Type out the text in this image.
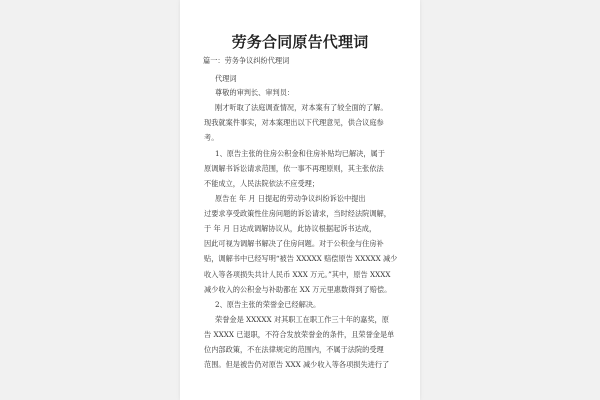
劳务合同原告代理词
篇一：劳务争议纠纷代理词
代理词
尊敬的审判长、审判员：
刚才听取了法庭调查情况，对本案有了较全面的了解。
现我就案件事实，对本案理出以下代理意见，供合议庭参
考。
1、原告主张的住房公积金和住房补贴均已解决，属于
原调解书诉讼请求范围，依一事不再理原则，其主张依法
不能成立，人民法院依法不应受理；
原告在 年 月 日提起的劳动争议纠纷诉讼中提出
过要求享受政策性住房问题的诉讼请求，当时经法院调解，
于 年 月 日达成调解协议从，此协议根据起诉书达成，
因此可视为调解书解决了住房问题。对于公积金与住房补
贴，调解书中已经写明“被告 XXXXX 赔偿原告 XXXXX 减少
收入等各项损失共计人民币 XXX 万元。”其中，原告 XXXX
减少收入的公积金与补助都在 XX 万元里惠数得到了赔偿。
2、原告主张的荣誉金已经解决。
荣誉金是 XXXXX 对其职工在职工作三十年的嘉奖，原
告 XXXX 已退职，不符合发放荣誉金的条件，且荣誉金是单
位内部政策，不在法律规定的范围内，不属于法院的受理
范围。但是被告仍对原告 XXX 减少收入等各项损失进行了
